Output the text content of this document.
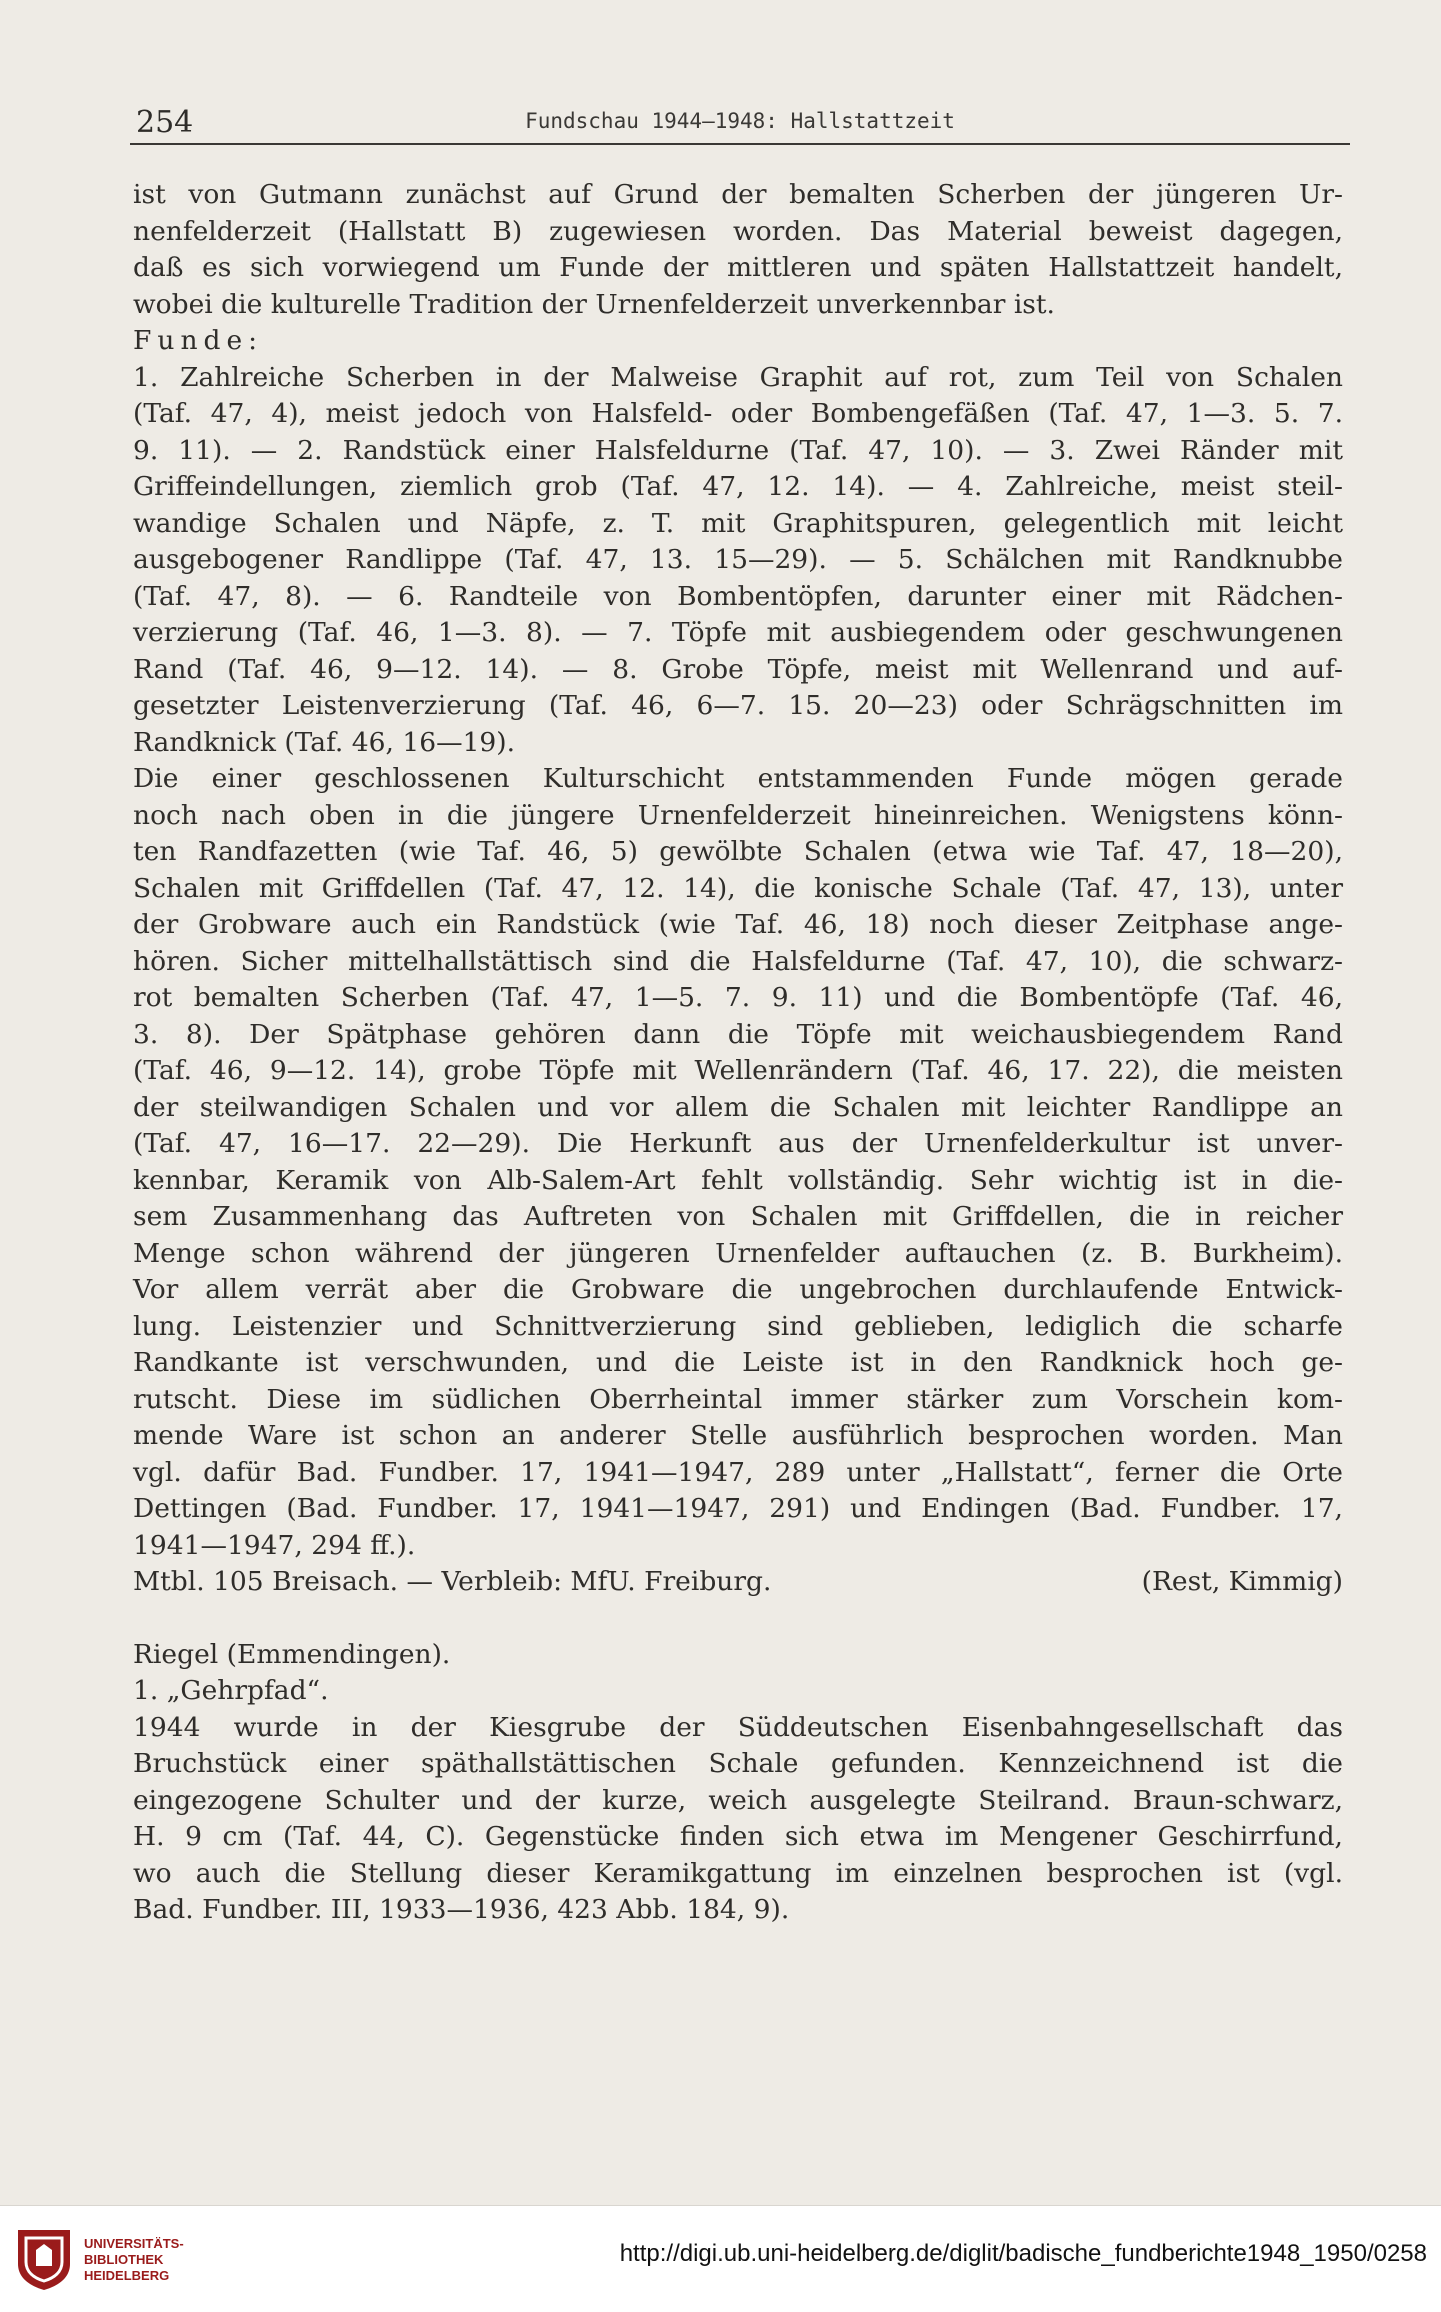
254	Fundschau 1944—1948: Hallstattzeit
ist von Gutmann zunächst auf Grund der bemalten Scherben der jüngeren Ur-
nenfelderzeit (Hallstatt B) zugewiesen worden. Das Material beweist dagegen,
daß es sich vorwiegend um Funde der mittleren und späten Hallstattzeit handelt,
wobei die kulturelle Tradition der Urnenfelderzeit unverkennbar ist.
Funde:
1. Zahlreiche Scherben in der Malweise Graphit auf rot, zum Teil von Schalen
(Taf. 47, 4), meist jedoch von Halsfeld- oder Bombengefäßen (Taf. 47, 1—3. 5. 7.
9. 11). — 2. Randstück einer Halsfeldurne (Taf. 47, 10). — 3. Zwei Ränder mit
Griffeindellungen, ziemlich grob (Taf. 47, 12. 14). — 4. Zahlreiche, meist steil-
wandige Schalen und Näpfe, z. T. mit Graphitspuren, gelegentlich mit leicht
ausgebogener Randlippe (Taf. 47, 13. 15—29). — 5. Schälchen mit Randknubbe
(Taf. 47, 8). — 6. Randteile von Bombentöpfen, darunter einer mit Rädchen-
verzierung (Taf. 46, 1—3. 8). — 7. Töpfe mit ausbiegendem oder geschwungenen
Rand (Taf. 46, 9—12. 14). — 8. Grobe Töpfe, meist mit Wellenrand und auf-
gesetzter Leistenverzierung (Taf. 46, 6—7. 15. 20—23) oder Schrägschnitten im
Randknick (Taf. 46, 16—19).
Die einer geschlossenen Kulturschicht entstammenden Funde mögen gerade
noch nach oben in die jüngere Urnenfelderzeit hineinreichen. Wenigstens könn-
ten Randfazetten (wie Taf. 46, 5) gewölbte Schalen (etwa wie Taf. 47, 18—20),
Schalen mit Griffdellen (Taf. 47, 12. 14), die konische Schale (Taf. 47, 13), unter
der Grobware auch ein Randstück (wie Taf. 46, 18) noch dieser Zeitphase ange-
hören. Sicher mittelhallstättisch sind die Halsfeldurne (Taf. 47, 10), die schwarz-
rot bemalten Scherben (Taf. 47, 1—5. 7. 9. 11) und die Bombentöpfe (Taf. 46,
3. 8). Der Spätphase gehören dann die Töpfe mit weichausbiegendem Rand
(Taf. 46, 9—12. 14), grobe Töpfe mit Wellenrändern (Taf. 46, 17. 22), die meisten
der steilwandigen Schalen und vor allem die Schalen mit leichter Randlippe an
(Taf. 47, 16—17. 22—29). Die Herkunft aus der Urnenfelderkultur ist unver-
kennbar, Keramik von Alb-Salem-Art fehlt vollständig. Sehr wichtig ist in die-
sem Zusammenhang das Auftreten von Schalen mit Griffdellen, die in reicher
Menge schon während der jüngeren Urnenfelder auftauchen (z. B. Burkheim).
Vor allem verrät aber die Grobware die ungebrochen durchlaufende Entwick-
lung. Leistenzier und Schnittverzierung sind geblieben, lediglich die scharfe
Randkante ist verschwunden, und die Leiste ist in den Randknick hoch ge-
rutscht. Diese im südlichen Oberrheintal immer stärker zum Vorschein kom-
mende Ware ist schon an anderer Stelle ausführlich besprochen worden. Man
vgl. dafür Bad. Fundber. 17, 1941—1947, 289 unter „Hallstatt“, ferner die Orte
Dettingen (Bad. Fundber. 17, 1941—1947, 291) und Endingen (Bad. Fundber. 17,
1941—1947, 294 ff.).
Mtbl. 105 Breisach. — Verbleib: MfU. Freiburg.	(Rest, Kimmig)
Riegel (Emmendingen).
1. „Gehrpfad“.
1944 wurde in der Kiesgrube der Süddeutschen Eisenbahngesellschaft das
Bruchstück einer späthallstättischen Schale gefunden. Kennzeichnend ist die
eingezogene Schulter und der kurze, weich ausgelegte Steilrand. Braun-schwarz,
H. 9 cm (Taf. 44, C). Gegenstücke finden sich etwa im Mengener Geschirrfund,
wo auch die Stellung dieser Keramikgattung im einzelnen besprochen ist (vgl.
Bad. Fundber. III, 1933—1936, 423 Abb. 184, 9).
UNIVERSITÄTS-
BIBLIOTHEK
HEIDELBERG
http://digi.ub.uni-heidelberg.de/diglit/badische_fundberichte1948_1950/0258
